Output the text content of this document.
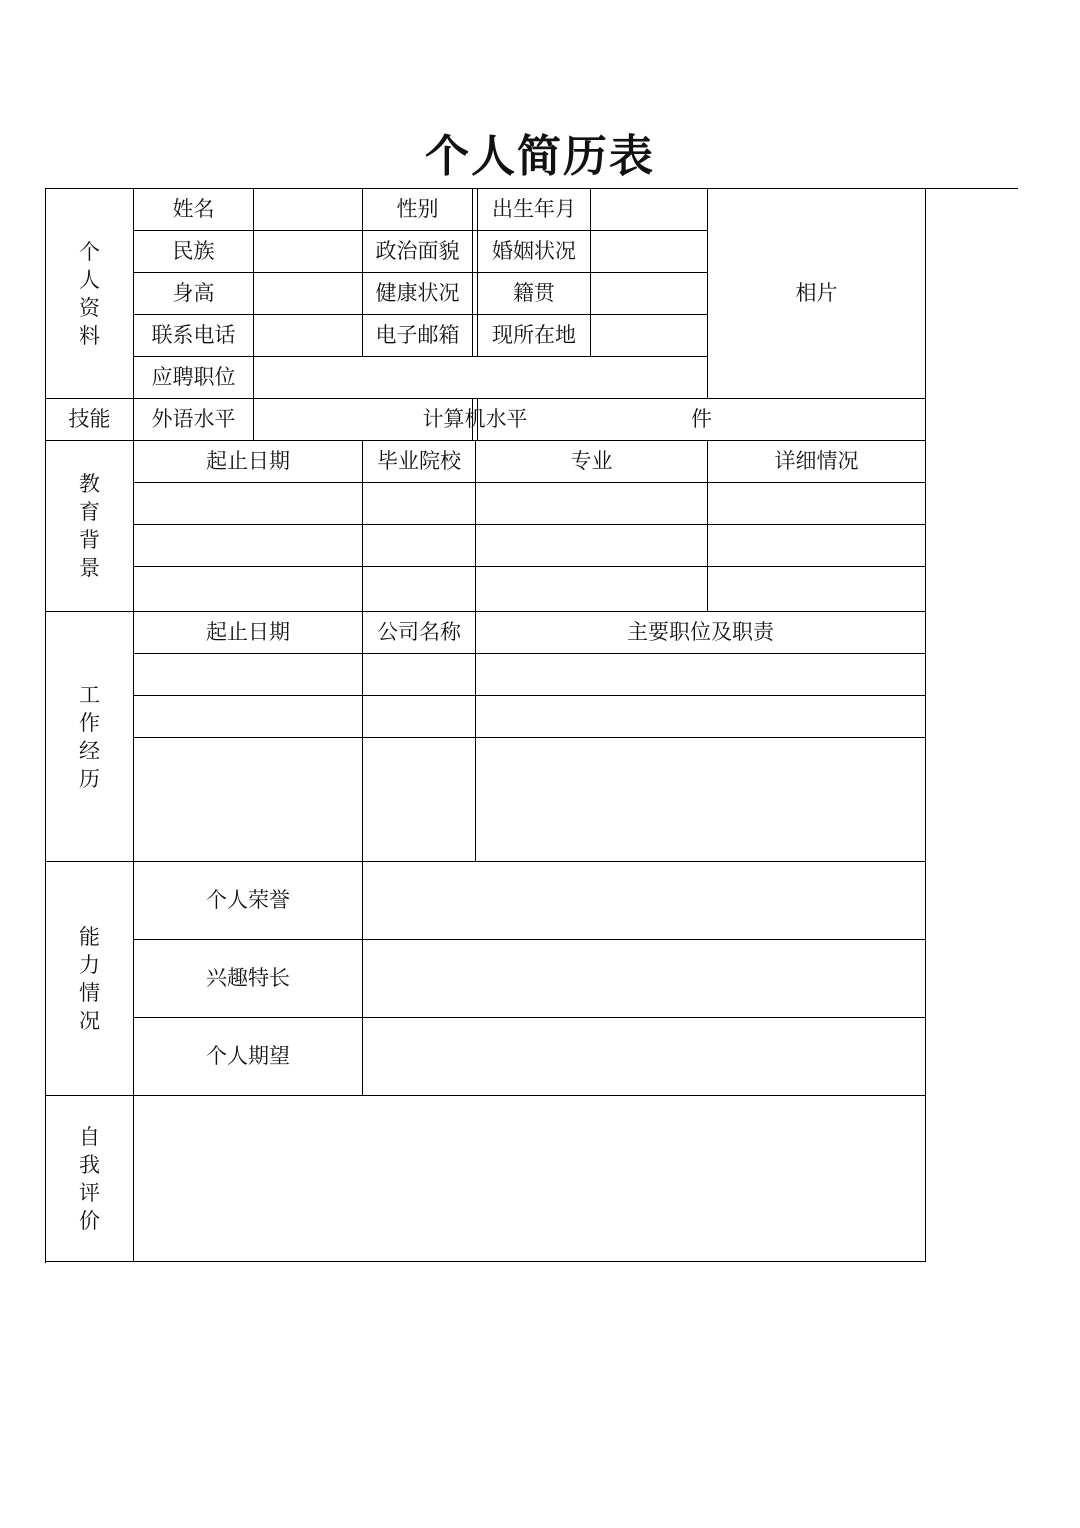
个人简历表
个
人
资
料
姓名	性别	出生年月
相片
民族	政治面貌	婚姻状况
身高	健康状况	籍贯
联系电话	电子邮箱	现所在地
应聘职位
技能	外语水平	计算机水平	件
教
育
背
景
起止日期	毕业院校	专业	详细情况
工
作
经
历
起止日期	公司名称	主要职位及职责
能
力
情
况
个人荣誉
兴趣特长
个人期望
自
我
评
价
